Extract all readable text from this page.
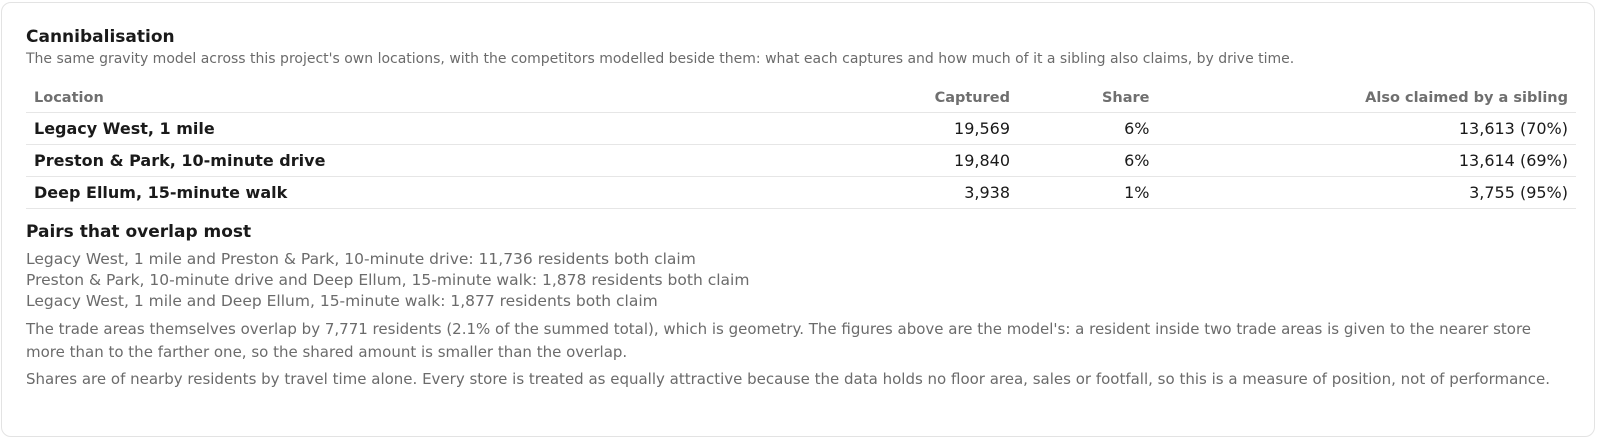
Cannibalisation
The same gravity model across this project's own locations, with the competitors modelled beside them: what each captures and how much of it a sibling also claims, by drive time.
Location	Captured	Share	Also claimed by a sibling
Legacy West, 1 mile	19,569	6%	13,613 (70%)
Preston & Park, 10-minute drive	19,840	6%	13,614 (69%)
Deep Ellum, 15-minute walk	3,938	1%	3,755 (95%)
Pairs that overlap most
Legacy West, 1 mile and Preston & Park, 10-minute drive: 11,736 residents both claim
Preston & Park, 10-minute drive and Deep Ellum, 15-minute walk: 1,878 residents both claim
Legacy West, 1 mile and Deep Ellum, 15-minute walk: 1,877 residents both claim
The trade areas themselves overlap by 7,771 residents (2.1% of the summed total), which is geometry. The figures above are the model's: a resident inside two trade areas is given to the nearer store more than to the farther one, so the shared amount is smaller than the overlap.
Shares are of nearby residents by travel time alone. Every store is treated as equally attractive because the data holds no floor area, sales or footfall, so this is a measure of position, not of performance.
